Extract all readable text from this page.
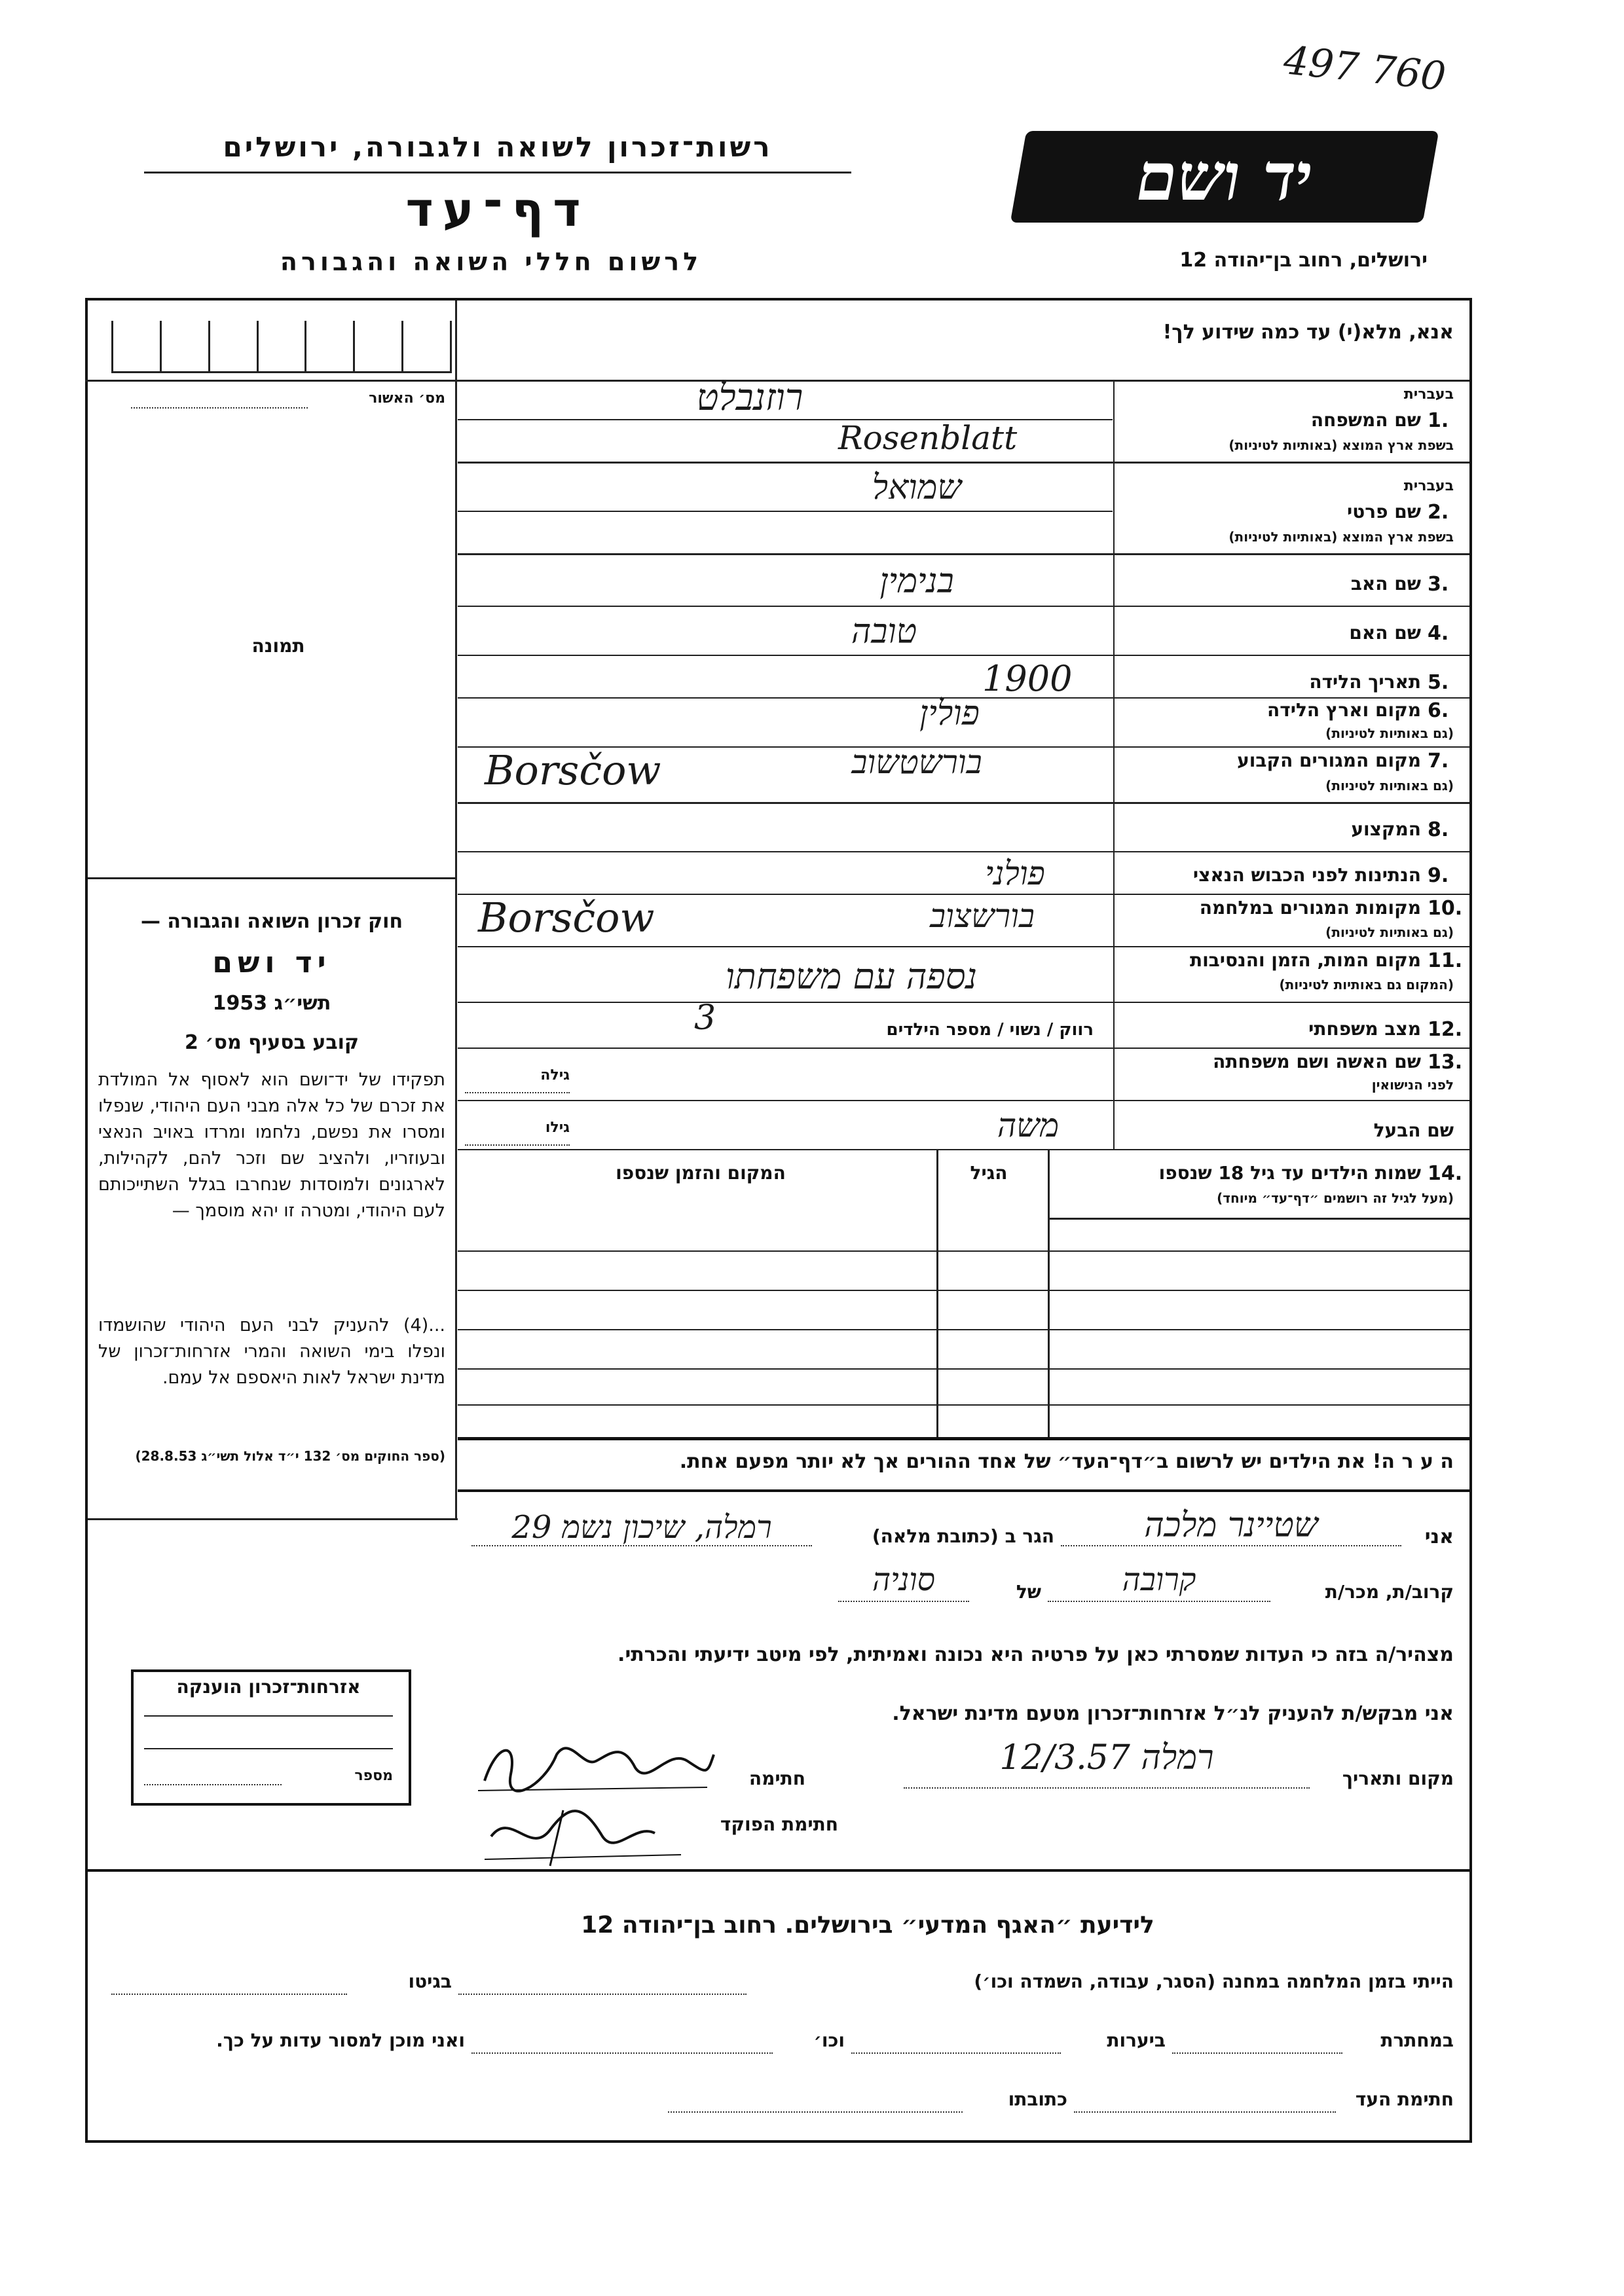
497 760
רשות־זכרון לשואה ולגבורה, ירושלים
דף־עד
לרשום חללי השואה והגבורה
יד ושם
ירושלים, רחוב בן־יהודה 12
אנא, מלא(י) עד כמה שידוע לך!
מס׳ האשור
תמונה
חוק זכרון השואה והגבורה —
יד ושם
1953 תשי״ג
קובע בסעיף מס׳ 2
תפקידו של יד־ושם הוא לאסוף אל המולדת את זכרם של כל אלה מבני העם היהודי, שנפלו ומסרו את נפשם, נלחמו ומרדו באויב הנאצי ובעוזריו, ולהציב שם וזכר להם, לקהילות, לארגונים ולמוסדות שנחרבו בגלל השתייכותם לעם היהודי, ומטרה זו יהא מוסמך —
...(4) להעניק לבני העם היהודי שהושמדו ונפלו בימי השואה והמרי אזרחות־זכרון של מדינת ישראל לאות היאספם אל עמם.
(ספר החוקים מס׳ 132 י״ד אלול תשי״ג 28.8.53)
בעברית
1.
שם המשפחה
בשפת ארץ המוצא (באותיות לטיניות)
רוזנבלט
Rosenblatt
בעברית
2.
שם פרטי
בשפת ארץ המוצא (באותיות לטיניות)
שמואל
3.
שם האב
בנימין
4.
שם האם
טובה
5.
תאריך הלידה
1900
6.
מקום וארץ הלידה
(גם באותיות לטיניות)
פולין
7.
מקום המגורים הקבוע
(גם באותיות לטיניות)
בורשטשוב
Borsčow
8.
המקצוע
9.
הנתינות לפני הכבוש הנאצי
פולני
10.
מקומות המגורים במלחמה
(גם באותיות לטיניות)
בורשצוב
Borsčow
11.
מקום המות, הזמן והנסיבות
(המקום גם באותיות לטיניות)
נספה עם משפחתו
12.
מצב משפחתי
רווק / נשוי / מספר הילדים
3
13.
שם האשה ושם משפחתה
לפני הנישואין
גילה
שם הבעל
משה
גילו
14.
שמות הילדים עד גיל 18 שנספו
(מעל לגיל זה רושמים ״דף־עד״ מיוחד)
הגיל
המקום והזמן שנספו
ה ע ר ה! את הילדים יש לרשום ב״דף־העד״ של אחד ההורים אך לא יותר מפעם אחת.
אני
שטיינר מלכה
הגר ב (כתובת מלאה)
רמלה, שיכון נשמ 29
קרוב/ת, מכר/ת
קרובה
של
סוניה
מצהיר/ה בזה כי העדות שמסרתי כאן על פרטיה היא נכונה ואמיתית, לפי מיטב ידיעתי והכרתי.
אני מבקש/ת להעניק לנ״ל אזרחות־זכרון מטעם מדינת ישראל.
אזרחות־זכרון הוענקה
מספר	מקום ותאריך
רמלה 12/3.57
חתימה
חתימת הפוקד
לידיעת ״האגף המדעי״ בירושלים. רחוב בן־יהודה 12
הייתי בזמן המלחמה במחנה (הסגר, עבודה, השמדה וכו׳)
בגיטו
במחתרת
ביערות
וכו׳
ואני מוכן למסור עדות על כך.
חתימת העד
כתובתו
